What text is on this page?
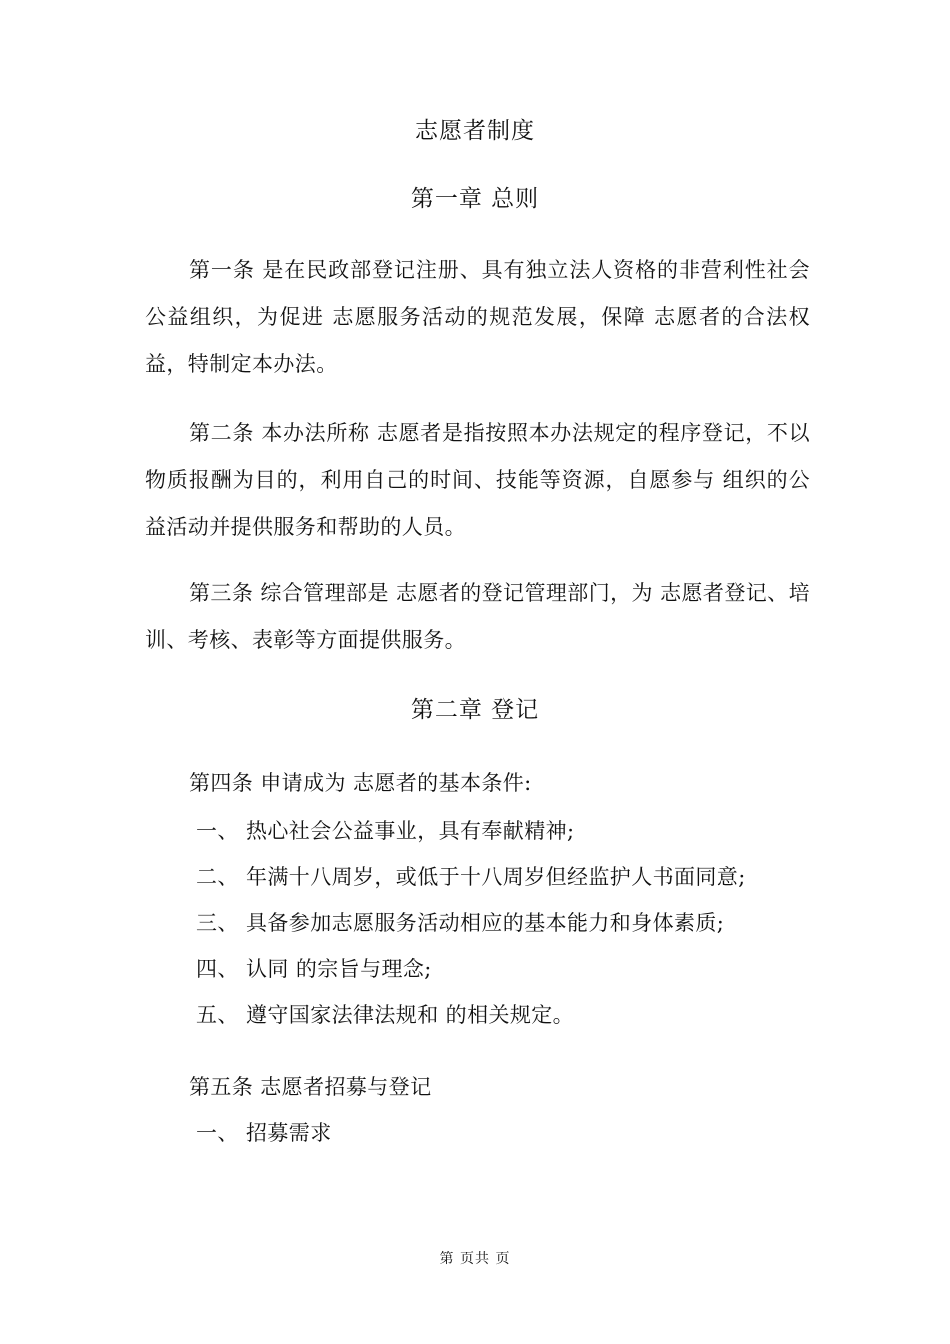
志愿者制度
第一章 总则
第一条 是在民政部登记注册、具有独立法人资格的非营利性社会公益组织，为促进 志愿服务活动的规范发展，保障 志愿者的合法权益，特制定本办法。
第二条 本办法所称 志愿者是指按照本办法规定的程序登记，不以物质报酬为目的，利用自己的时间、技能等资源，自愿参与 组织的公益活动并提供服务和帮助的人员。
第三条 综合管理部是 志愿者的登记管理部门，为 志愿者登记、培训、考核、表彰等方面提供服务。
第二章 登记
第四条 申请成为 志愿者的基本条件:
一、 热心社会公益事业，具有奉献精神;
二、 年满十八周岁，或低于十八周岁但经监护人书面同意;
三、 具备参加志愿服务活动相应的基本能力和身体素质;
四、 认同 的宗旨与理念;
五、 遵守国家法律法规和 的相关规定。
第五条 志愿者招募与登记
一、 招募需求
第 页共 页
